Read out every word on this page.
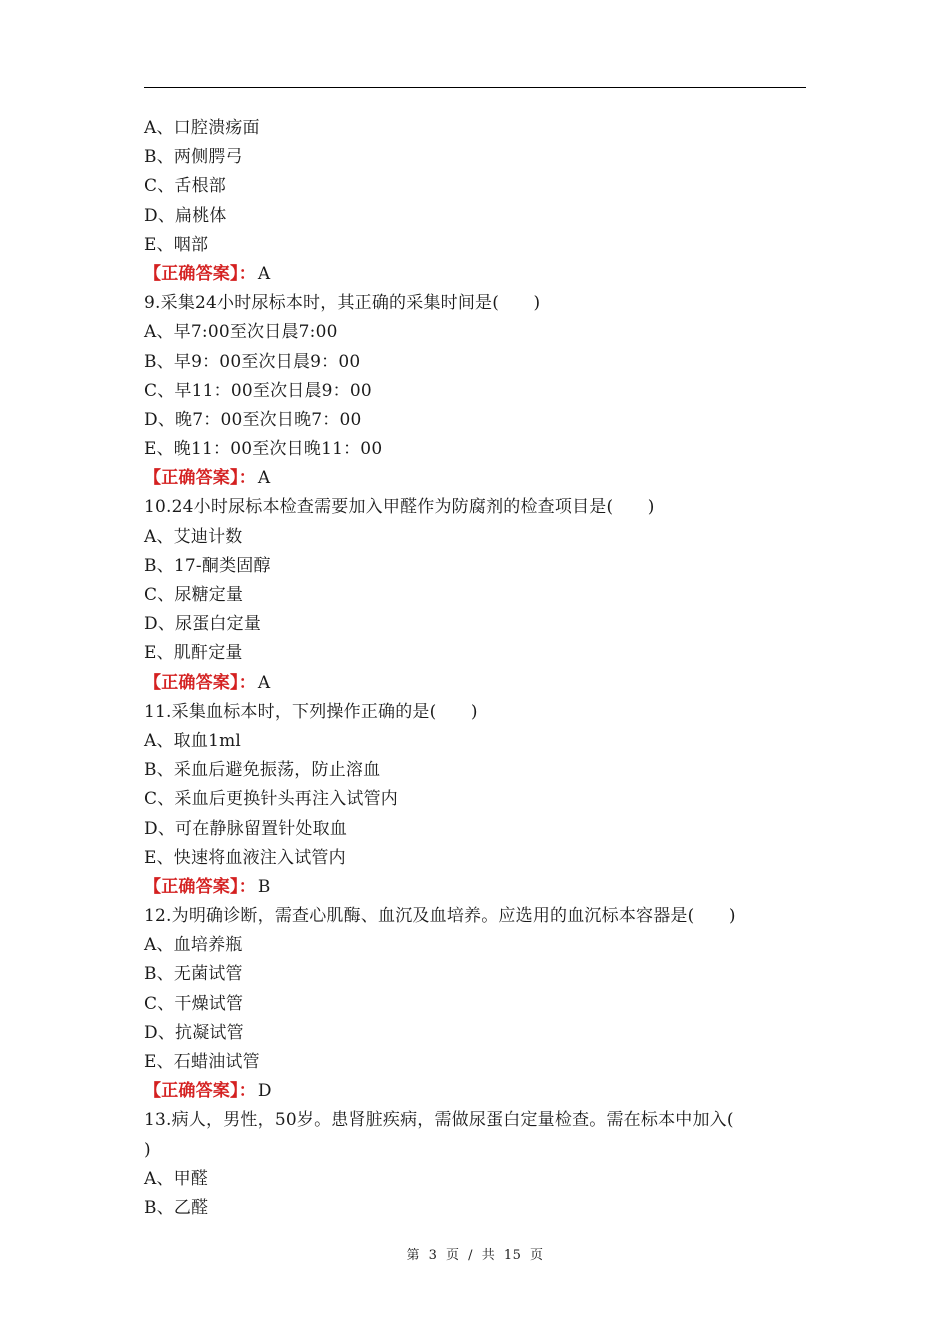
A、口腔溃疡面
B、两侧腭弓
C、舌根部
D、扁桃体
E、咽部
【正确答案】： A
9.采集24小时尿标本时，其正确的采集时间是(　　)
A、早7:00至次日晨7:00
B、早9：00至次日晨9：00
C、早11：00至次日晨9：00
D、晚7：00至次日晚7：00
E、晚11：00至次日晚11：00
【正确答案】： A
10.24小时尿标本检查需要加入甲醛作为防腐剂的检查项目是(　　)
A、艾迪计数
B、17-酮类固醇
C、尿糖定量
D、尿蛋白定量
E、肌酐定量
【正确答案】： A
11.采集血标本时，下列操作正确的是(　　)
A、取血1ml
B、采血后避免振荡，防止溶血
C、采血后更换针头再注入试管内
D、可在静脉留置针处取血
E、快速将血液注入试管内
【正确答案】： B
12.为明确诊断，需查心肌酶、血沉及血培养。应选用的血沉标本容器是(　　)
A、血培养瓶
B、无菌试管
C、干燥试管
D、抗凝试管
E、石蜡油试管
【正确答案】： D
13.病人，男性，50岁。患肾脏疾病，需做尿蛋白定量检查。需在标本中加入(
)
A、甲醛
B、乙醛
第 3 页 / 共 15 页
